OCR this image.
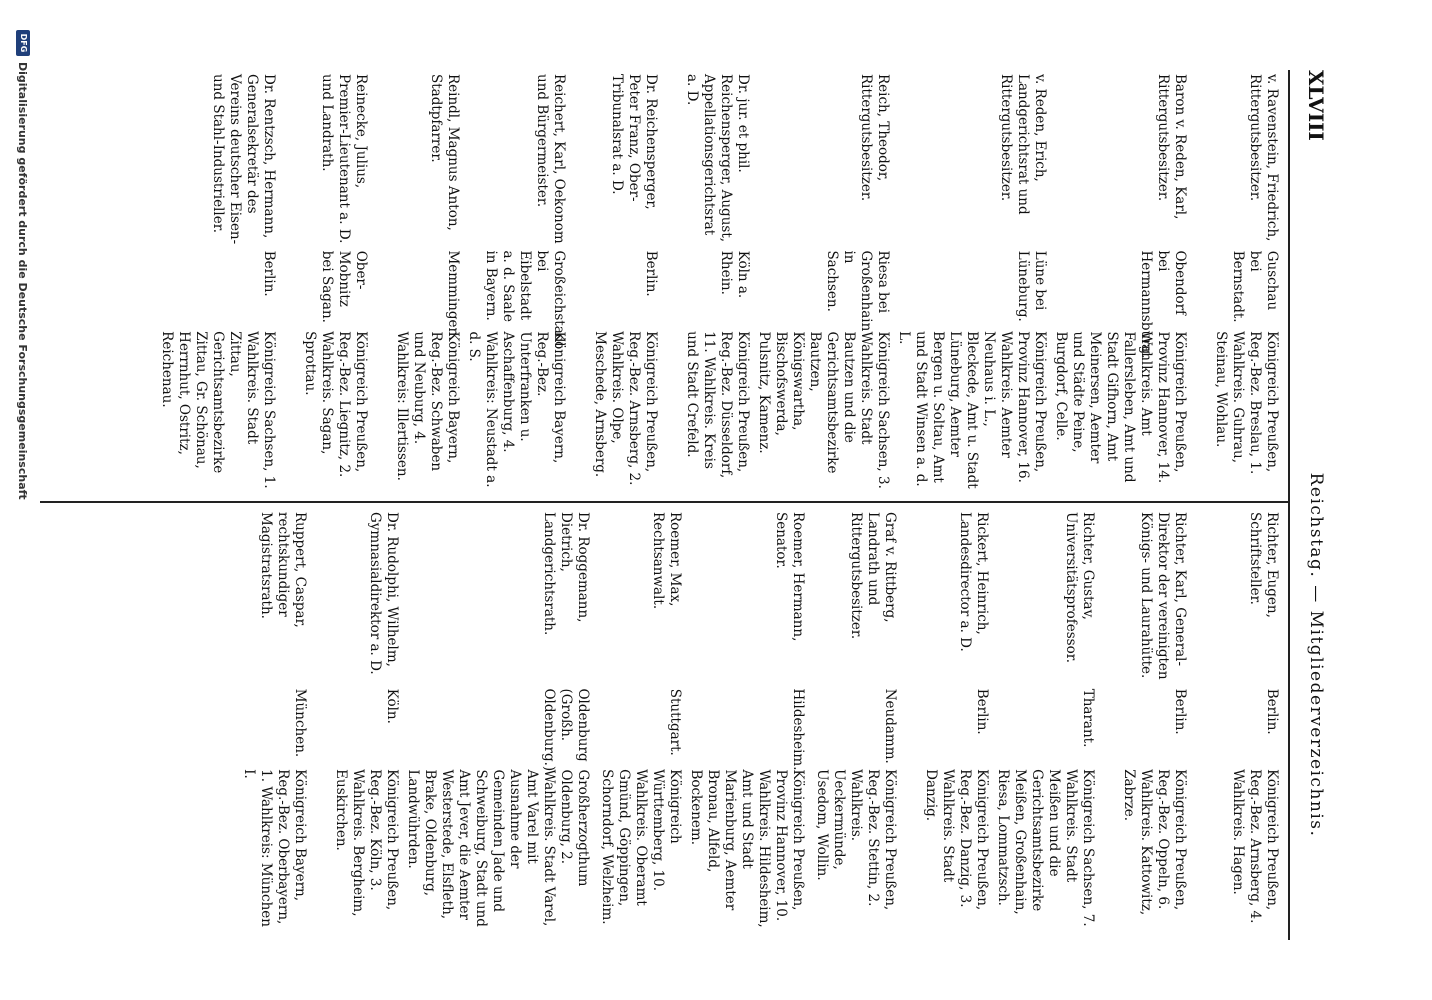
XLVIII
Reichstag. — Mitgliederverzeichnis.
v. Ravenstein, Friedrich, Rittergutsbesitzer.
Guschau bei Bernstadt.
Königreich Preußen, Reg.-Bez. Breslau, 1. Wahlkreis. Guhrau, Steinau, Wohlau.
Baron v. Reden, Karl, Rittergutsbesitzer.
Obendorf bei Hermannsburg.
Königreich Preußen, Provinz Hannover, 14. Wahlkreis. Amt Fallersleben, Amt und Stadt Gifhorn, Amt Meinersen, Aemter und Städte Peine, Burgdorf, Celle.
v. Reden, Erich, Landgerichtsrat und Rittergutsbesitzer.
Lüne bei Lüneburg.
Königreich Preußen, Provinz Hannover, 16. Wahlkreis. Aemter Neuhaus i. L., Bleckede, Amt u. Stadt Lüneburg, Aemter Bergen u. Soltau, Amt und Stadt Winsen a. d. L.
Reich, Theodor, Rittergutsbesitzer.
Riesa bei Großenhain in Sachsen.
Königreich Sachsen, 3. Wahlkreis. Stadt Bautzen und die Gerichtsamtsbezirke Bautzen, Königswartha, Bischofswerda, Pulsnitz, Kamenz.
Dr. jur. et phil. Reichensperger, August, Appellationsgerichtsrat a. D.
Köln a. Rhein.
Königreich Preußen, Reg.-Bez. Düsseldorf, 11. Wahlkreis. Kreis und Stadt Crefeld.
Dr. Reichensperger, Peter Franz, Ober-Tribunalsrat a. D.
Berlin.
Königreich Preußen, Reg.-Bez. Arnsberg, 2. Wahlkreis. Olpe, Meschede, Arnsberg.
Reichert, Karl, Oekonom und Bürgermeister.
Großeichstadt bei Eibelstadt a. d. Saale in Bayern.
Königreich Bayern, Reg.-Bez. Unterfranken u. Aschaffenburg, 4. Wahlkreis: Neustadt a. d. S.
Reindl, Magnus Anton, Stadtpfarrer.
Memmingen.
Königreich Bayern, Reg.-Bez. Schwaben und Neuburg, 4. Wahlkreis: Illertissen.
Reinecke, Julius, Premier-Lieutenant a. D. und Landrath.
Ober-Mobnitz bei Sagan.
Königreich Preußen, Reg.-Bez. Liegnitz, 2. Wahlkreis. Sagan, Sprottau.
Dr. Rentzsch, Hermann, Generalsekretär des Vereins deutscher Eisen- und Stahl-Industrieller.
Berlin.
Königreich Sachsen, 1. Wahlkreis. Stadt Zittau, Gerichtsamtsbezirke Zittau, Gr. Schönau, Herrnhut, Ostritz, Reichenau.
Richter, Eugen, Schriftsteller.
Berlin.
Königreich Preußen, Reg.-Bez. Arnsberg, 4. Wahlkreis. Hagen.
Richter, Karl, General-Direktor der vereinigten Königs- und Laurahütte.
Berlin.
Königreich Preußen, Reg.-Bez. Oppeln, 6. Wahlkreis. Kattowitz, Zabrze.
Richter, Gustav, Universitätsprofessor.
Tharant.
Königreich Sachsen, 7. Wahlkreis. Stadt Meißen und die Gerichtsamtsbezirke Meißen, Großenhain, Riesa, Lommatzsch.
Rickert, Heinrich, Landesdirector a. D.
Berlin.
Königreich Preußen, Reg.-Bez. Danzig, 3. Wahlkreis. Stadt Danzig.
Graf v. Rittberg, Landrath und Rittergutsbesitzer.
Neudamm.
Königreich Preußen, Reg.-Bez. Stettin, 2. Wahlkreis. Ueckermünde, Usedom, Wollin.
Roemer, Hermann, Senator.
Hildesheim.
Königreich Preußen, Provinz Hannover, 10. Wahlkreis. Hildesheim, Amt und Stadt Marienburg, Aemter Bronau, Alfeld, Bockenem.
Roemer, Max, Rechtsanwalt.
Stuttgart.
Königreich Württemberg, 10. Wahlkreis. Oberamt Gmünd, Göppingen, Schorndorf, Welzheim.
Dr. Roggemann, Dietrich, Landgerichtsrath.
Oldenburg (Großh. Oldenburg.)
Großherzogthum Oldenburg, 2. Wahlkreis. Stadt Varel, Amt Varel mit Ausnahme der Gemeinden Jade und Schweiburg, Stadt und Amt Jever, die Aemter Westerstede, Elsfleth, Brake, Oldenburg, Landwührden.
Dr. Rudolphi, Wilhelm, Gymnasialdirektor a. D.
Köln.
Königreich Preußen, Reg.-Bez. Köln, 3. Wahlkreis. Bergheim, Euskirchen.
Ruppert, Caspar, rechtskundiger Magistratsrath.
München.
Königreich Bayern, Reg.-Bez. Oberbayern, 1. Wahlkreis: München I.
DFG
Digitalisierung gefördert durch die Deutsche Forschungsgemeinschaft
